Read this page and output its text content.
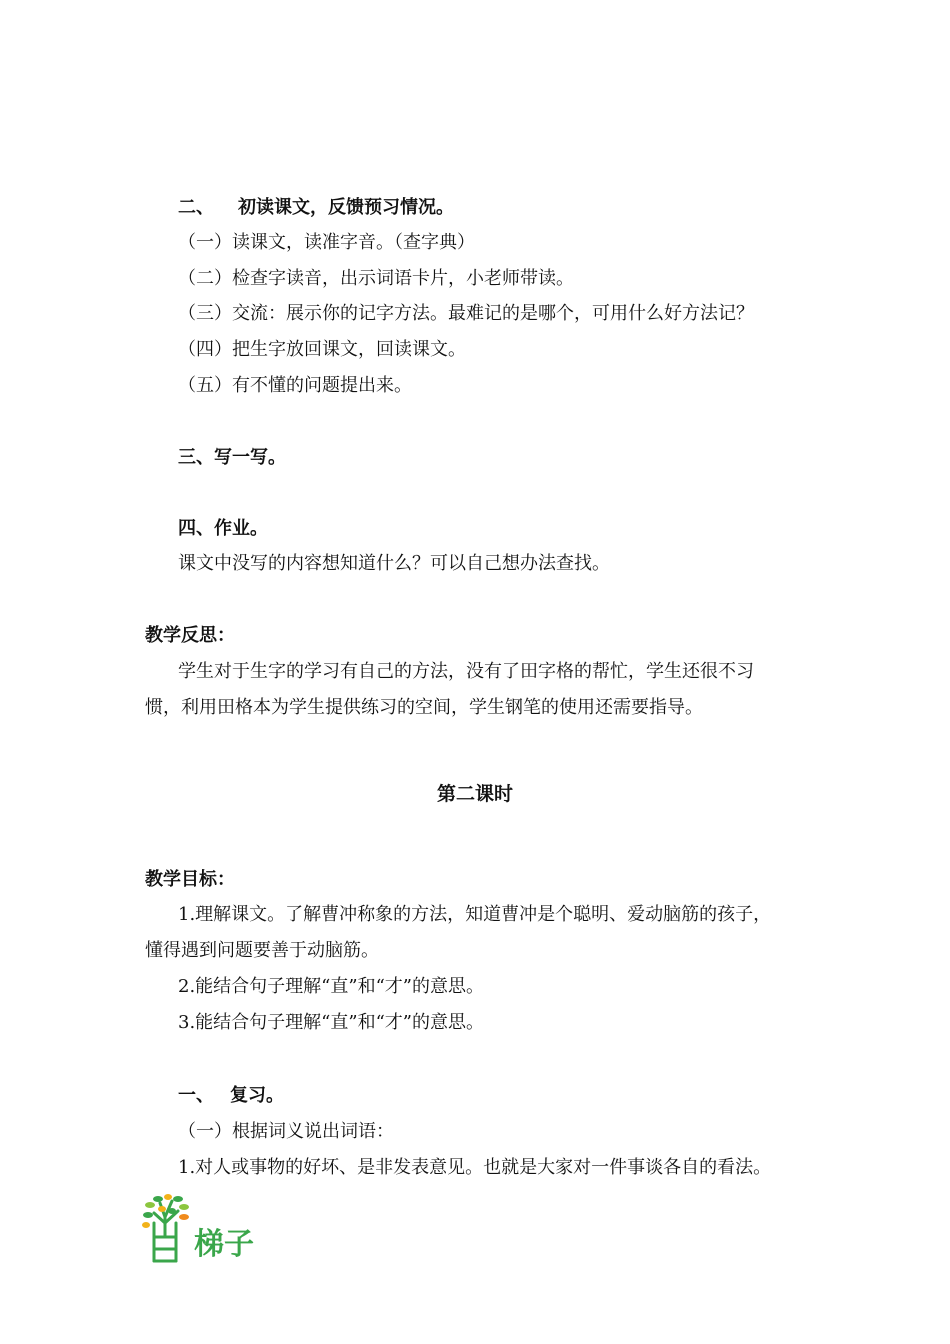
二、 初读课文，反馈预习情况。
（一）读课文，读准字音。（查字典）
（二）检查字读音，出示词语卡片，小老师带读。
（三）交流：展示你的记字方法。最难记的是哪个，可用什么好方法记？
（四）把生字放回课文，回读课文。
（五）有不懂的问题提出来。
三、写一写。
四、作业。
课文中没写的内容想知道什么？可以自己想办法查找。
教学反思：
学生对于生字的学习有自己的方法，没有了田字格的帮忙，学生还很不习
惯，利用田格本为学生提供练习的空间，学生钢笔的使用还需要指导。
第二课时
教学目标：
1.理解课文。了解曹冲称象的方法，知道曹冲是个聪明、爱动脑筋的孩子，
懂得遇到问题要善于动脑筋。
2.能结合句子理解“直”和“才”的意思。
3.能结合句子理解“直”和“才”的意思。
一、 复习。
（一）根据词义说出词语：
1.对人或事物的好坏、是非发表意见。也就是大家对一件事谈各自的看法。
梯子
